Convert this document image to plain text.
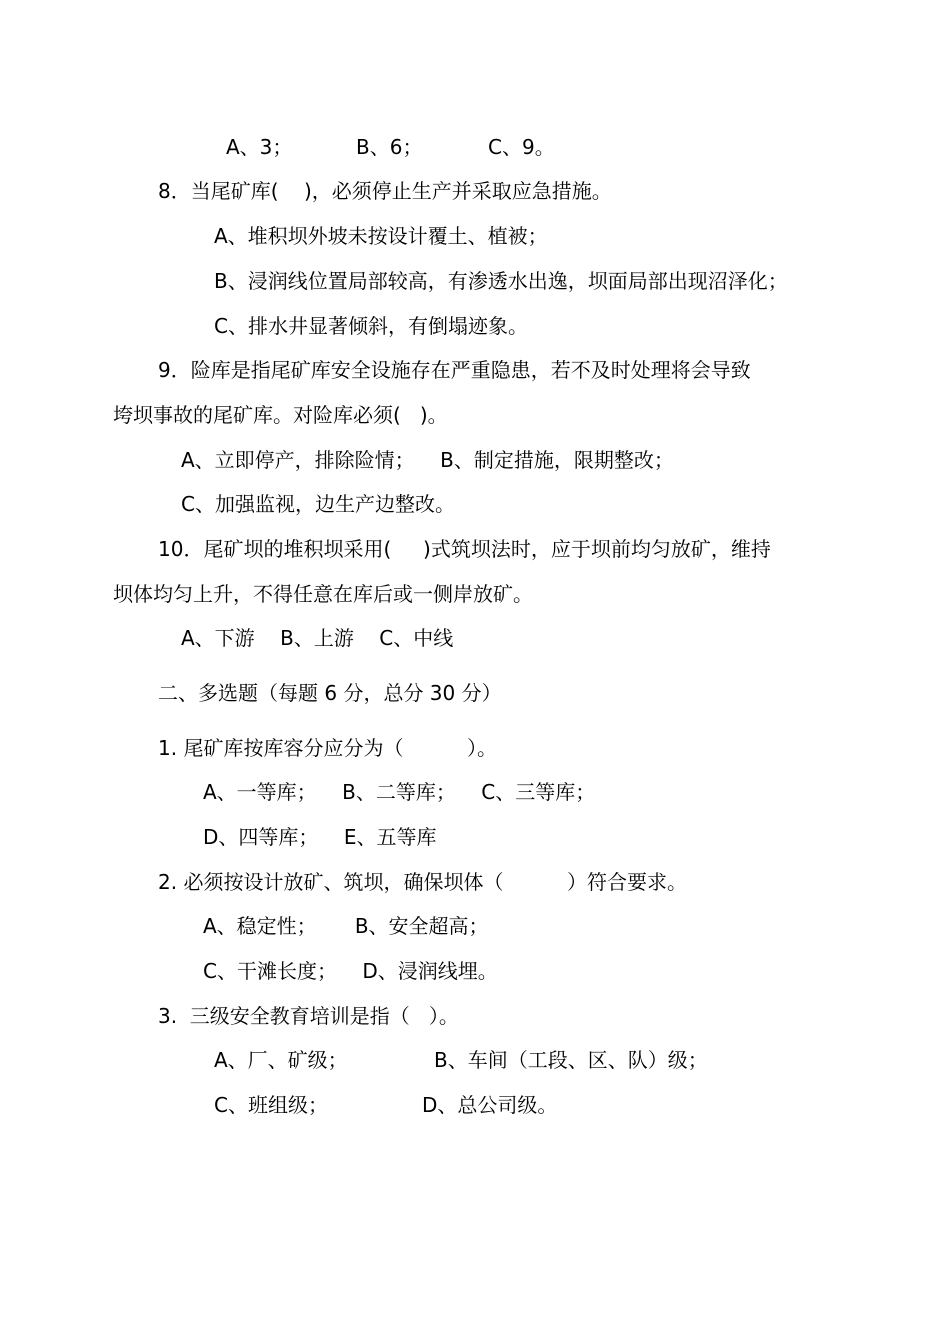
A、3；	B、6；	C、9。
8．当尾矿库(    )，必须停止生产并采取应急措施。
A、堆积坝外坡未按设计覆土、植被；
B、浸润线位置局部较高，有渗透水出逸，坝面局部出现沼泽化；
C、排水井显著倾斜，有倒塌迹象。
9．险库是指尾矿库安全设施存在严重隐患，若不及时处理将会导致
垮坝事故的尾矿库。对险库必须(   )。
A、立即停产，排除险情；    B、制定措施，限期整改；
C、加强监视，边生产边整改。
10．尾矿坝的堆积坝采用(     )式筑坝法时，应于坝前均匀放矿，维持
坝体均匀上升，不得任意在库后或一侧岸放矿。
A、下游    B、上游    C、中线
二、多选题（每题 6 分，总分 30 分）
1. 尾矿库按库容分应分为（          ）。
A、一等库；    B、二等库；    C、三等库；
D、四等库；    E、五等库
2. 必须按设计放矿、筑坝，确保坝体（          ）符合要求。
A、稳定性；      B、安全超高；
C、干滩长度；    D、浸润线埋。
3.  三级安全教育培训是指（   ）。
A、厂、矿级；	B、车间（工段、区、队）级；
C、班组级；	D、总公司级。
